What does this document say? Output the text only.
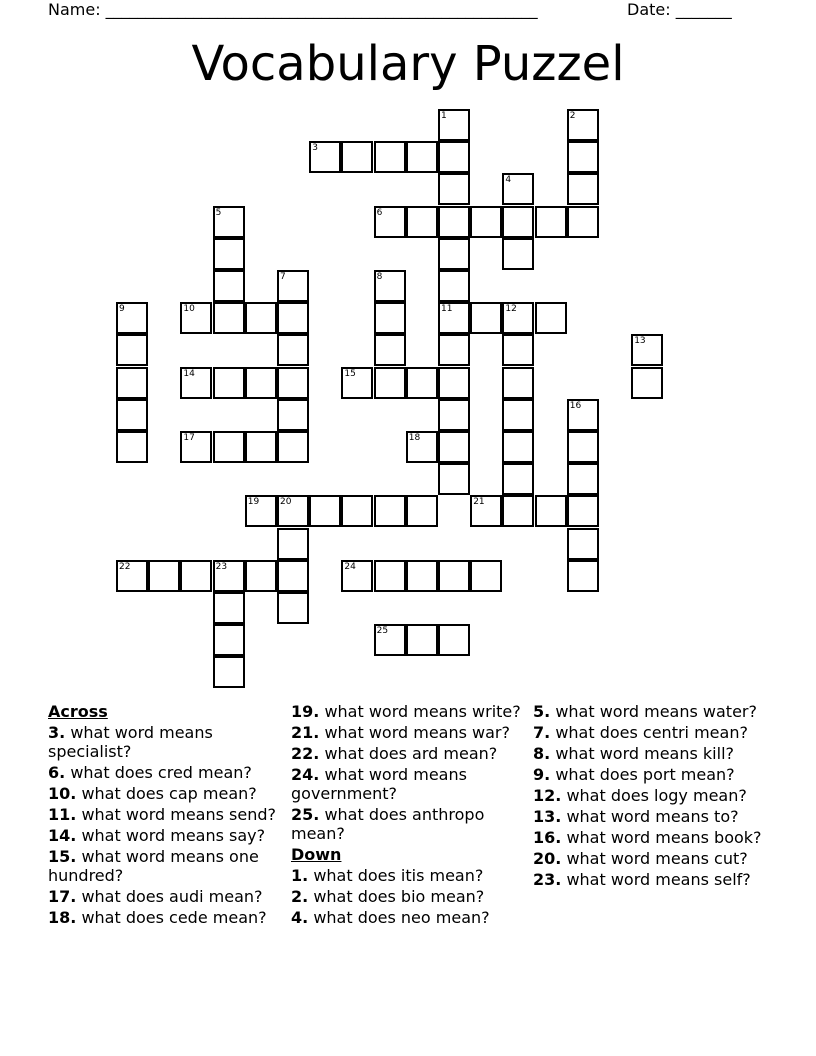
Name: ______________________________________________________	Date: _______
Vocabulary Puzzel
3
6
10	11	12
14	15
17	18
19 20	21
22	23	24
25
1	2
4
5
7	8
9
13
16
Across
3. what word means specialist?
6. what does cred mean?
10. what does cap mean?
11. what word means send?
14. what word means say?
15. what word means one hundred?
17. what does audi mean?
18. what does cede mean?
19. what word means write?
21. what word means war?
22. what does ard mean?
24. what word means government?
25. what does anthropo mean?
Down
1. what does itis mean?
2. what does bio mean?
4. what does neo mean?
5. what word means water?
7. what does centri mean?
8. what word means kill?
9. what does port mean?
12. what does logy mean?
13. what word means to?
16. what word means book?
20. what word means cut?
23. what word means self?
